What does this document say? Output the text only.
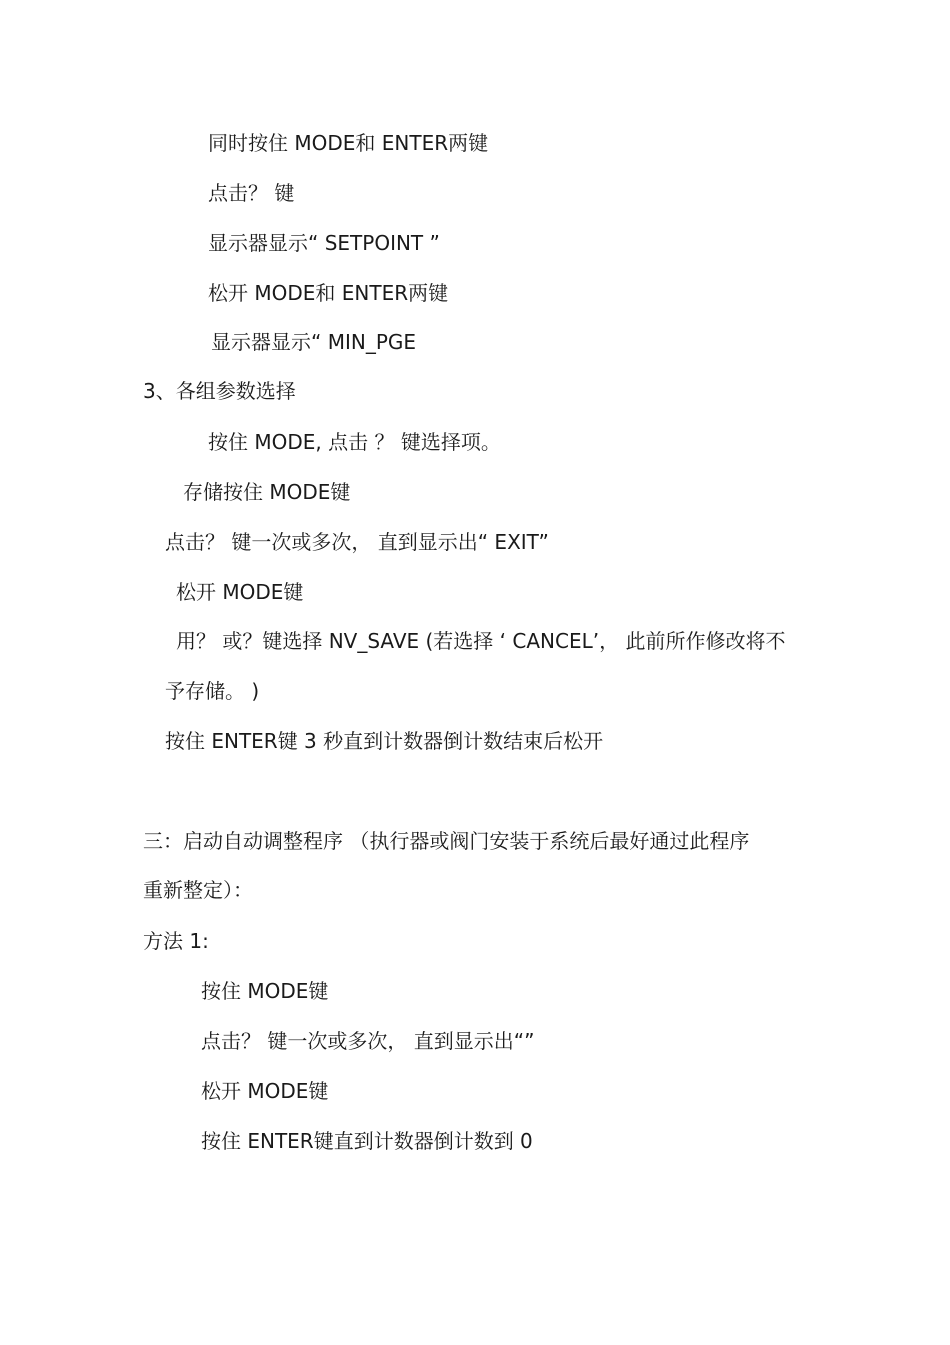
同时按住 MODE和 ENTER两键
点击？ 键
显示器显示“ SETPOINT ”
松开 MODE和 ENTER两键
显示器显示“ MIN_PGE
3、各组参数选择
按住 MODE, 点击 ？ 键选择项。
存储按住 MODE键
点击？ 键一次或多次， 直到显示出“ EXIT”
松开 MODE键
用？ 或？键选择 NV_SAVE (若选择 ‘ CANCEL’， 此前所作修改将不
予存储。 )
按住 ENTER键 3 秒直到计数器倒计数结束后松开
三：启动自动调整程序 （执行器或阀门安装于系统后最好通过此程序
重新整定）：
方法 1:
按住 MODE键
点击？ 键一次或多次， 直到显示出“”
松开 MODE键
按住 ENTER键直到计数器倒计数到 0
